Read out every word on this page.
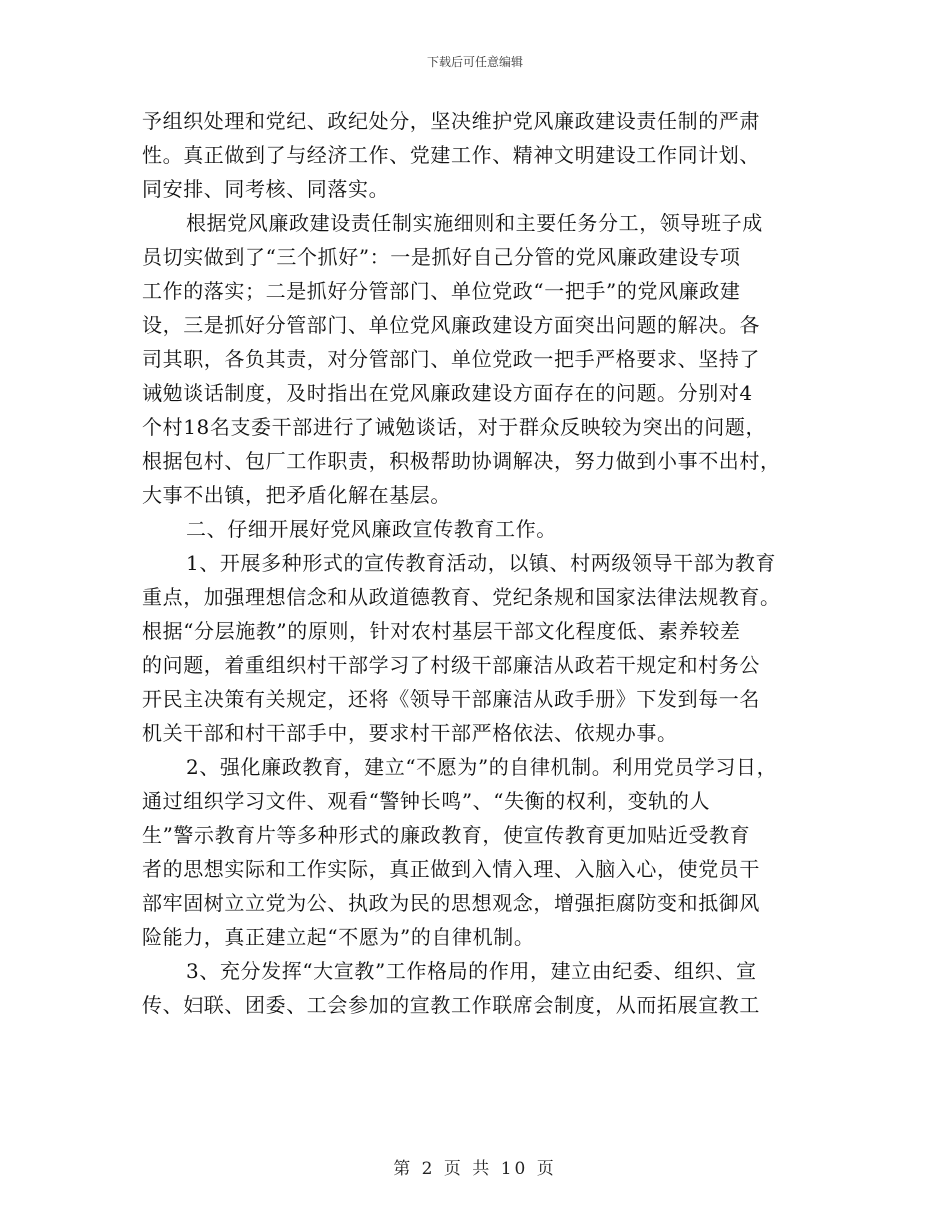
下载后可任意编辑
予组织处理和党纪、政纪处分，坚决维护党风廉政建设责任制的严肃
性。真正做到了与经济工作、党建工作、精神文明建设工作同计划、
同安排、同考核、同落实。
根据党风廉政建设责任制实施细则和主要任务分工，领导班子成
员切实做到了“三个抓好”：一是抓好自己分管的党风廉政建设专项
工作的落实；二是抓好分管部门、单位党政“一把手”的党风廉政建
设，三是抓好分管部门、单位党风廉政建设方面突出问题的解决。各
司其职，各负其责，对分管部门、单位党政一把手严格要求、坚持了
诫勉谈话制度，及时指出在党风廉政建设方面存在的问题。分别对4
个村18名支委干部进行了诫勉谈话，对于群众反映较为突出的问题，
根据包村、包厂工作职责，积极帮助协调解决，努力做到小事不出村，
大事不出镇，把矛盾化解在基层。
二、仔细开展好党风廉政宣传教育工作。
1、开展多种形式的宣传教育活动，以镇、村两级领导干部为教育
重点，加强理想信念和从政道德教育、党纪条规和国家法律法规教育。
根据“分层施教”的原则，针对农村基层干部文化程度低、素养较差
的问题，着重组织村干部学习了村级干部廉洁从政若干规定和村务公
开民主决策有关规定，还将《领导干部廉洁从政手册》下发到每一名
机关干部和村干部手中，要求村干部严格依法、依规办事。
2、强化廉政教育，建立“不愿为”的自律机制。利用党员学习日，
通过组织学习文件、观看“警钟长鸣”、“失衡的权利，变轨的人
生”警示教育片等多种形式的廉政教育，使宣传教育更加贴近受教育
者的思想实际和工作实际，真正做到入情入理、入脑入心，使党员干
部牢固树立立党为公、执政为民的思想观念，增强拒腐防变和抵御风
险能力，真正建立起“不愿为”的自律机制。
3、充分发挥“大宣教”工作格局的作用，建立由纪委、组织、宣
传、妇联、团委、工会参加的宣教工作联席会制度，从而拓展宣教工
第 2 页 共 10 页
